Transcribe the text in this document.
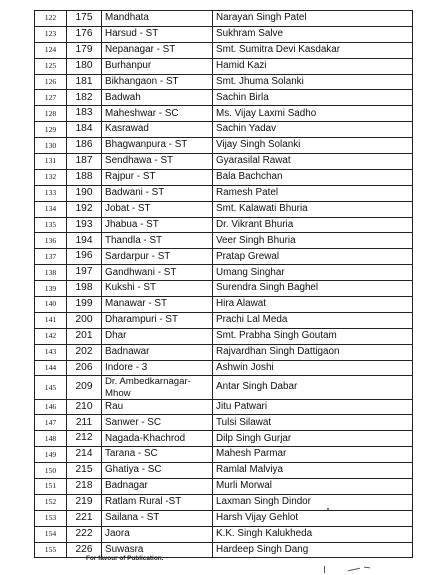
122	175	Mandhata	Narayan Singh Patel
123	176	Harsud - ST	Sukhram Salve
124	179	Nepanagar - ST	Smt. Sumitra Devi Kasdakar
125	180	Burhanpur	Hamid Kazi
126	181	Bikhangaon - ST	Smt. Jhuma Solanki
127	182	Badwah	Sachin Birla
128	183	Maheshwar - SC	Ms. Vijay Laxmi Sadho
129	184	Kasrawad	Sachin Yadav
130	186	Bhagwanpura - ST	Vijay Singh Solanki
131	187	Sendhawa - ST	Gyarasilal Rawat
132	188	Rajpur - ST	Bala Bachchan
133	190	Badwani - ST	Ramesh Patel
134	192	Jobat - ST	Smt. Kalawati Bhuria
135	193	Jhabua - ST	Dr. Vikrant Bhuria
136	194	Thandla - ST	Veer Singh Bhuria
137	196	Sardarpur - ST	Pratap Grewal
138	197	Gandhwani - ST	Umang Singhar
139	198	Kukshi - ST	Surendra Singh Baghel
140	199	Manawar - ST	Hira Alawat
141	200	Dharampuri - ST	Prachi Lal Meda
142	201	Dhar	Smt. Prabha Singh Goutam
143	202	Badnawar	Rajvardhan Singh Dattigaon
144	206	Indore - 3	Ashwin Joshi
145	209	Dr. Ambedkarnagar-Mhow	Antar Singh Dabar
146	210	Rau	Jitu Patwari
147	211	Sanwer - SC	Tulsi Silawat
148	212	Nagada-Khachrod	Dilp Singh Gurjar
149	214	Tarana - SC	Mahesh Parmar
150	215	Ghatiya - SC	Ramlal Malviya
151	218	Badnagar	Murli Morwal
152	219	Ratlam Rural -ST	Laxman Singh Dindor
153	221	Sailana - ST	Harsh Vijay Gehlot
154	222	Jaora	K.K. Singh Kalukheda
155	226	Suwasra	Hardeep Singh Dang
For favour of Publication.
